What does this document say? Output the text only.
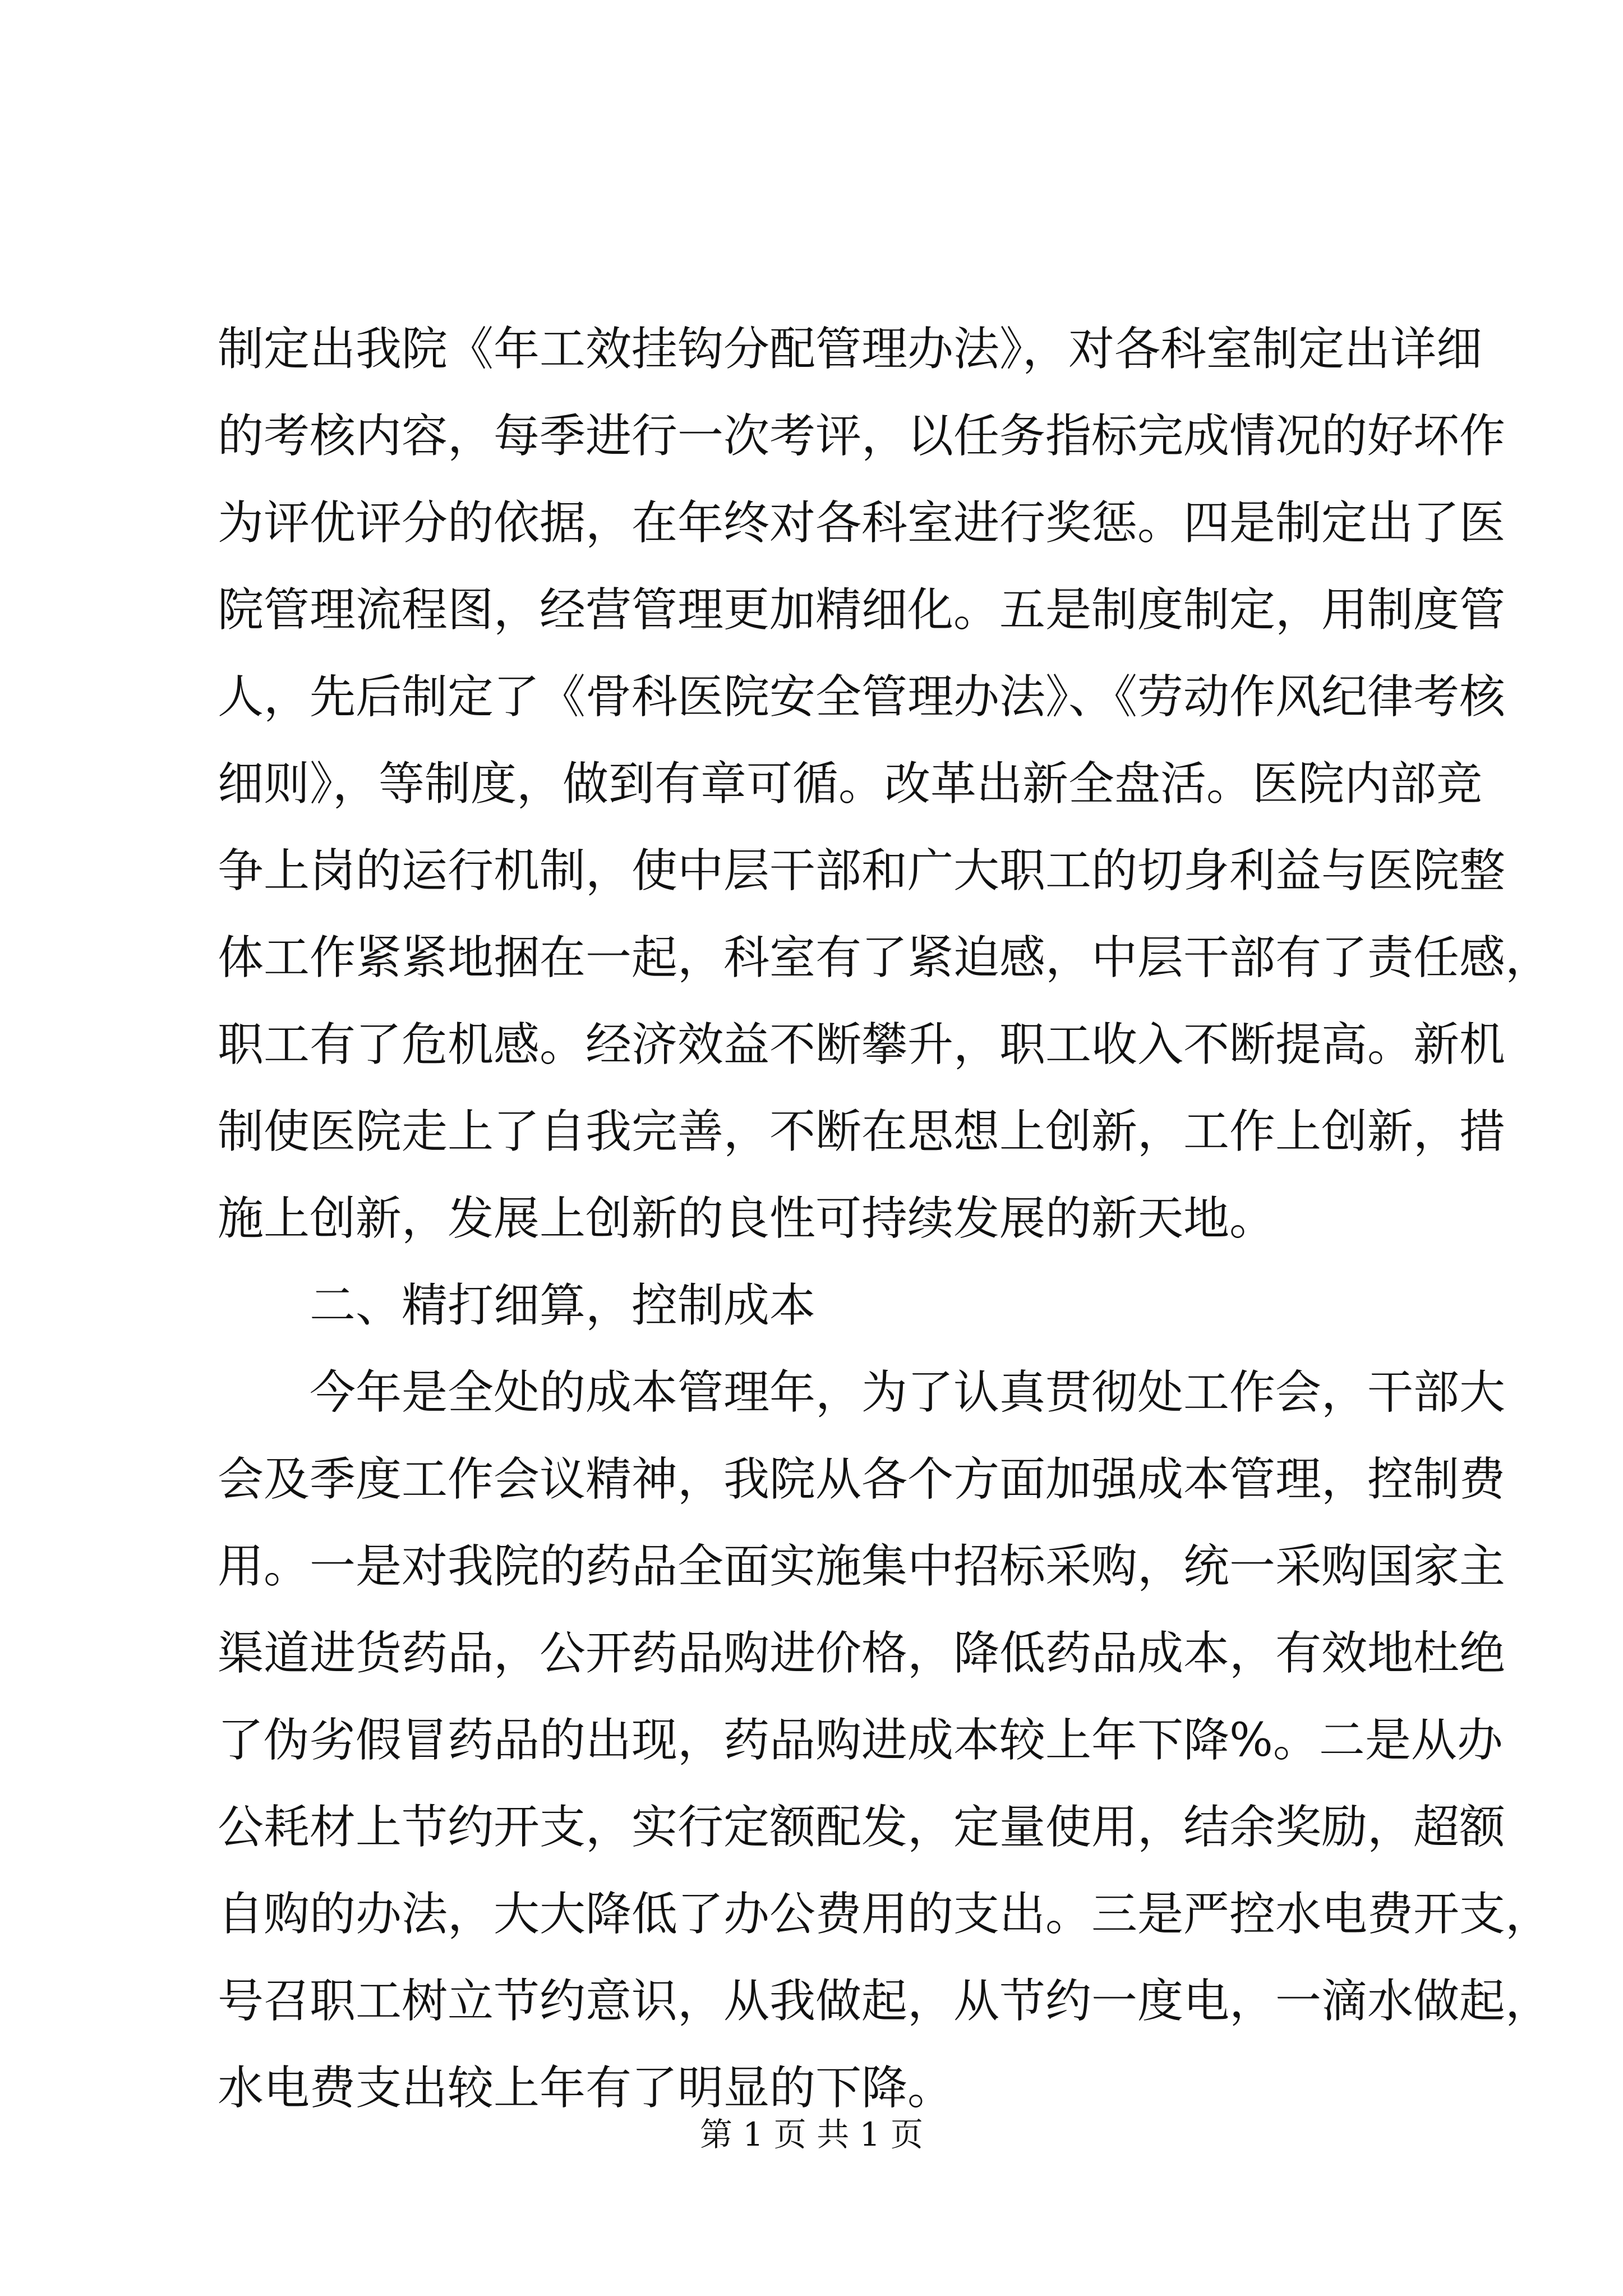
制定出我院《年工效挂钩分配管理办法》，对各科室制定出详细
的考核内容，每季进行一次考评，以任务指标完成情况的好坏作
为评优评分的依据，在年终对各科室进行奖惩。四是制定出了医
院管理流程图，经营管理更加精细化。五是制度制定，用制度管
人，先后制定了《骨科医院安全管理办法》、《劳动作风纪律考核
细则》，等制度，做到有章可循。改革出新全盘活。医院内部竞
争上岗的运行机制，使中层干部和广大职工的切身利益与医院整
体工作紧紧地捆在一起，科室有了紧迫感，中层干部有了责任感，
职工有了危机感。经济效益不断攀升，职工收入不断提高。新机
制使医院走上了自我完善，不断在思想上创新，工作上创新，措
施上创新，发展上创新的良性可持续发展的新天地。
二、精打细算，控制成本
今年是全处的成本管理年，为了认真贯彻处工作会，干部大
会及季度工作会议精神，我院从各个方面加强成本管理，控制费
用。一是对我院的药品全面实施集中招标采购，统一采购国家主
渠道进货药品，公开药品购进价格，降低药品成本，有效地杜绝
了伪劣假冒药品的出现，药品购进成本较上年下降%。二是从办
公耗材上节约开支，实行定额配发，定量使用，结余奖励，超额
自购的办法，大大降低了办公费用的支出。三是严控水电费开支，
号召职工树立节约意识，从我做起，从节约一度电，一滴水做起，
水电费支出较上年有了明显的下降。
第 1 页 共 1 页
